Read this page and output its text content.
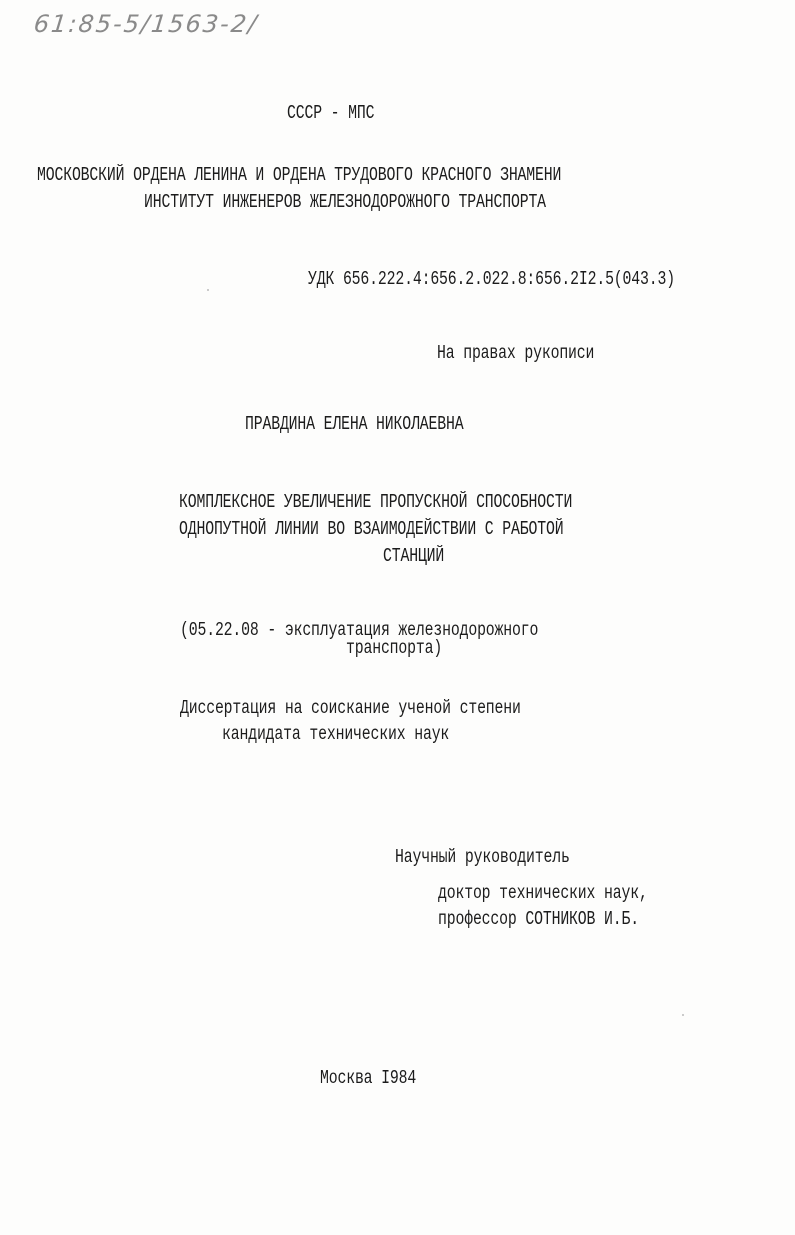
61:85-5/1563-2/
СССР - МПС
МОСКОВСКИЙ ОРДЕНА ЛЕНИНА И ОРДЕНА ТРУДОВОГО КРАСНОГО ЗНАМЕНИ
ИНСТИТУТ ИНЖЕНЕРОВ ЖЕЛЕЗНОДОРОЖНОГО ТРАНСПОРТА
УДК 656.222.4:656.2.022.8:656.2I2.5(043.3)
На правах рукописи
ПРАВДИНА ЕЛЕНА НИКОЛАЕВНА
КОМПЛЕКСНОЕ УВЕЛИЧЕНИЕ ПРОПУСКНОЙ СПОСОБНОСТИ
ОДНОПУТНОЙ ЛИНИИ ВО ВЗАИМОДЕЙСТВИИ С РАБОТОЙ
СТАНЦИЙ
(05.22.08 - эксплуатация железнодорожного
транспорта)
Диссертация на соискание ученой степени
кандидата технических наук
Научный руководитель
доктор технических наук,
профессор СОТНИКОВ И.Б.
Москва I984
